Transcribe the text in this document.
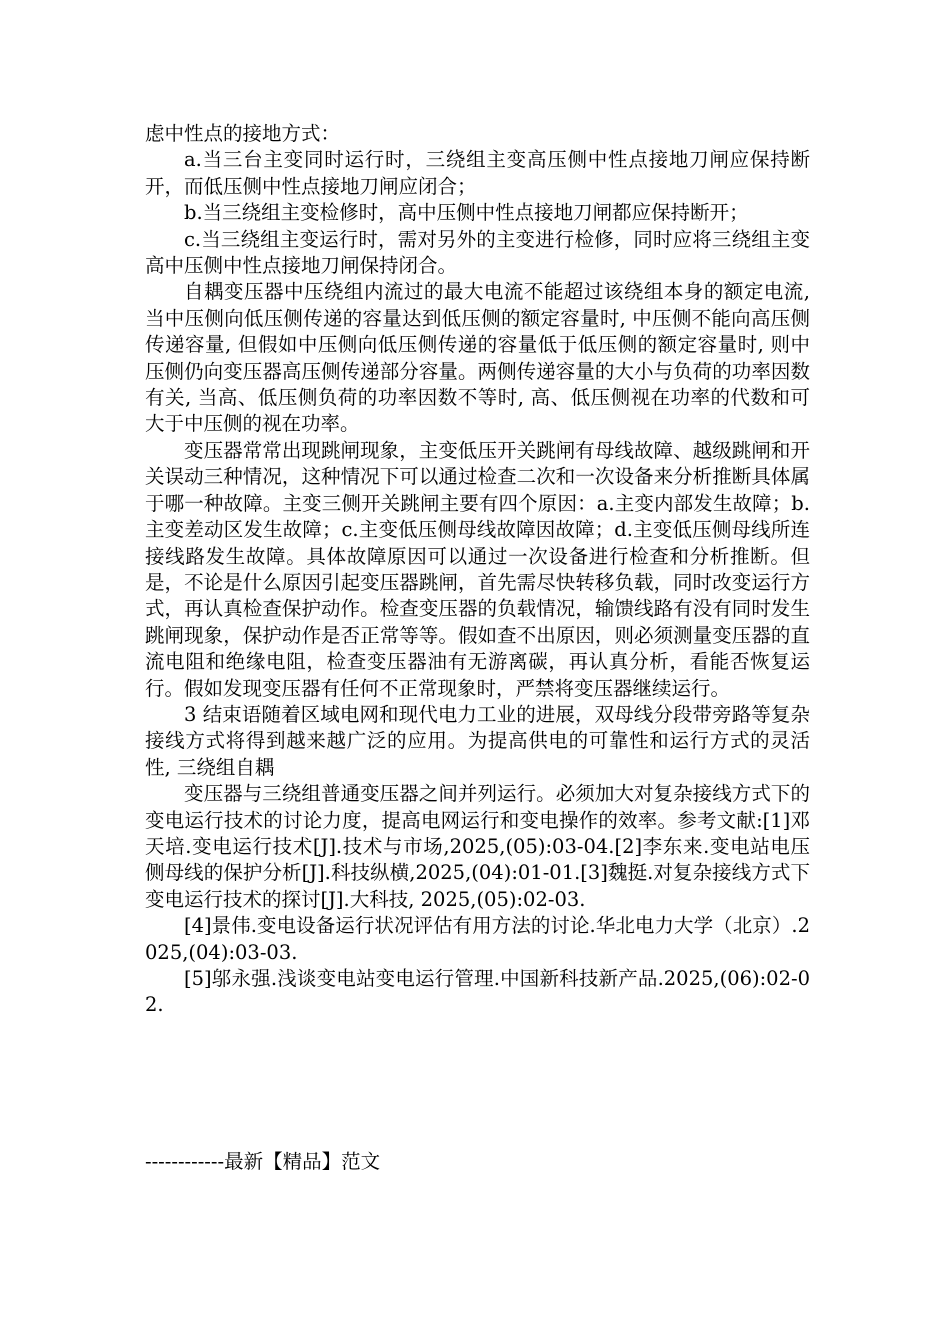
虑中性点的接地方式：

a.当三台主变同时运行时，三绕组主变高压侧中性点接地刀闸应保持断开，而低压侧中性点接地刀闸应闭合；

b.当三绕组主变检修时，高中压侧中性点接地刀闸都应保持断开；

c.当三绕组主变运行时，需对另外的主变进行检修，同时应将三绕组主变高中压侧中性点接地刀闸保持闭合。

自耦变压器中压绕组内流过的最大电流不能超过该绕组本身的额定电流, 当中压侧向低压侧传递的容量达到低压侧的额定容量时, 中压侧不能向高压侧传递容量, 但假如中压侧向低压侧传递的容量低于低压侧的额定容量时, 则中压侧仍向变压器高压侧传递部分容量。两侧传递容量的大小与负荷的功率因数有关, 当高、低压侧负荷的功率因数不等时, 高、低压侧视在功率的代数和可大于中压侧的视在功率。

变压器常常出现跳闸现象，主变低压开关跳闸有母线故障、越级跳闸和开关误动三种情况，这种情况下可以通过检查二次和一次设备来分析推断具体属于哪一种故障。主变三侧开关跳闸主要有四个原因：a.主变内部发生故障；b.主变差动区发生故障；c.主变低压侧母线故障因故障；d.主变低压侧母线所连接线路发生故障。具体故障原因可以通过一次设备进行检查和分析推断。但是，不论是什么原因引起变压器跳闸，首先需尽快转移负载，同时改变运行方式，再认真检查保护动作。检查变压器的负载情况，输馈线路有没有同时发生跳闸现象，保护动作是否正常等等。假如查不出原因，则必须测量变压器的直流电阻和绝缘电阻，检查变压器油有无游离碳，再认真分析，看能否恢复运行。假如发现变压器有任何不正常现象时，严禁将变压器继续运行。

3 结束语随着区域电网和现代电力工业的进展，双母线分段带旁路等复杂接线方式将得到越来越广泛的应用。为提高供电的可靠性和运行方式的灵活性, 三绕组自耦

变压器与三绕组普通变压器之间并列运行。必须加大对复杂接线方式下的变电运行技术的讨论力度，提高电网运行和变电操作的效率。参考文献:[1]邓天培.变电运行技术[J].技术与市场,2025,(05):03-04.[2]李东来.变电站电压侧母线的保护分析[J].科技纵横,2025,(04):01-01.[3]魏挺.对复杂接线方式下变电运行技术的探讨[J].大科技, 2025,(05):02-03.

[4]景伟.变电设备运行状况评估有用方法的讨论.华北电力大学（北京）.2025,(04):03-03.

[5]邬永强.浅谈变电站变电运行管理.中国新科技新产品.2025,(06):02-02.

------------最新【精品】范文
